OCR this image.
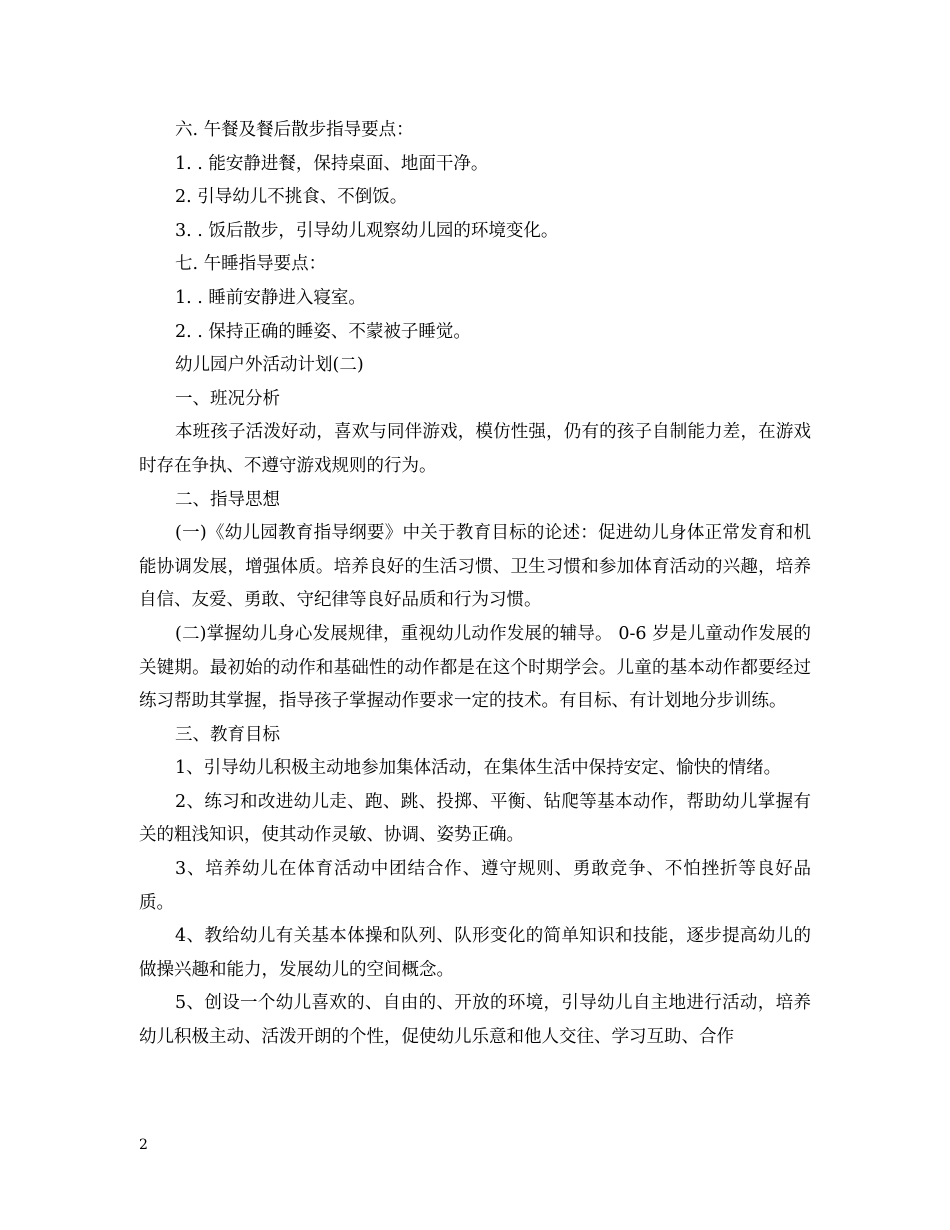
六. 午餐及餐后散步指导要点：

1. . 能安静进餐，保持桌面、地面干净。

2. 引导幼儿不挑食、不倒饭。

3. . 饭后散步，引导幼儿观察幼儿园的环境变化。

七. 午睡指导要点：

1. . 睡前安静进入寝室。

2. . 保持正确的睡姿、不蒙被子睡觉。

幼儿园户外活动计划(二)

一、班况分析

本班孩子活泼好动，喜欢与同伴游戏，模仿性强，仍有的孩子自制能力差，在游戏时存在争执、不遵守游戏规则的行为。

二、指导思想

(一)《幼儿园教育指导纲要》中关于教育目标的论述：促进幼儿身体正常发育和机能协调发展，增强体质。培养良好的生活习惯、卫生习惯和参加体育活动的兴趣，培养自信、友爱、勇敢、守纪律等良好品质和行为习惯。

(二)掌握幼儿身心发展规律，重视幼儿动作发展的辅导。 0-6 岁是儿童动作发展的关键期。最初始的动作和基础性的动作都是在这个时期学会。儿童的基本动作都要经过练习帮助其掌握，指导孩子掌握动作要求一定的技术。有目标、有计划地分步训练。

三、教育目标

1、引导幼儿积极主动地参加集体活动，在集体生活中保持安定、愉快的情绪。

2、练习和改进幼儿走、跑、跳、投掷、平衡、钻爬等基本动作，帮助幼儿掌握有关的粗浅知识，使其动作灵敏、协调、姿势正确。

3、培养幼儿在体育活动中团结合作、遵守规则、勇敢竞争、不怕挫折等良好品质。

4、教给幼儿有关基本体操和队列、队形变化的简单知识和技能，逐步提高幼儿的做操兴趣和能力，发展幼儿的空间概念。

5、创设一个幼儿喜欢的、自由的、开放的环境，引导幼儿自主地进行活动，培养幼儿积极主动、活泼开朗的个性，促使幼儿乐意和他人交往、学习互助、合作

2
